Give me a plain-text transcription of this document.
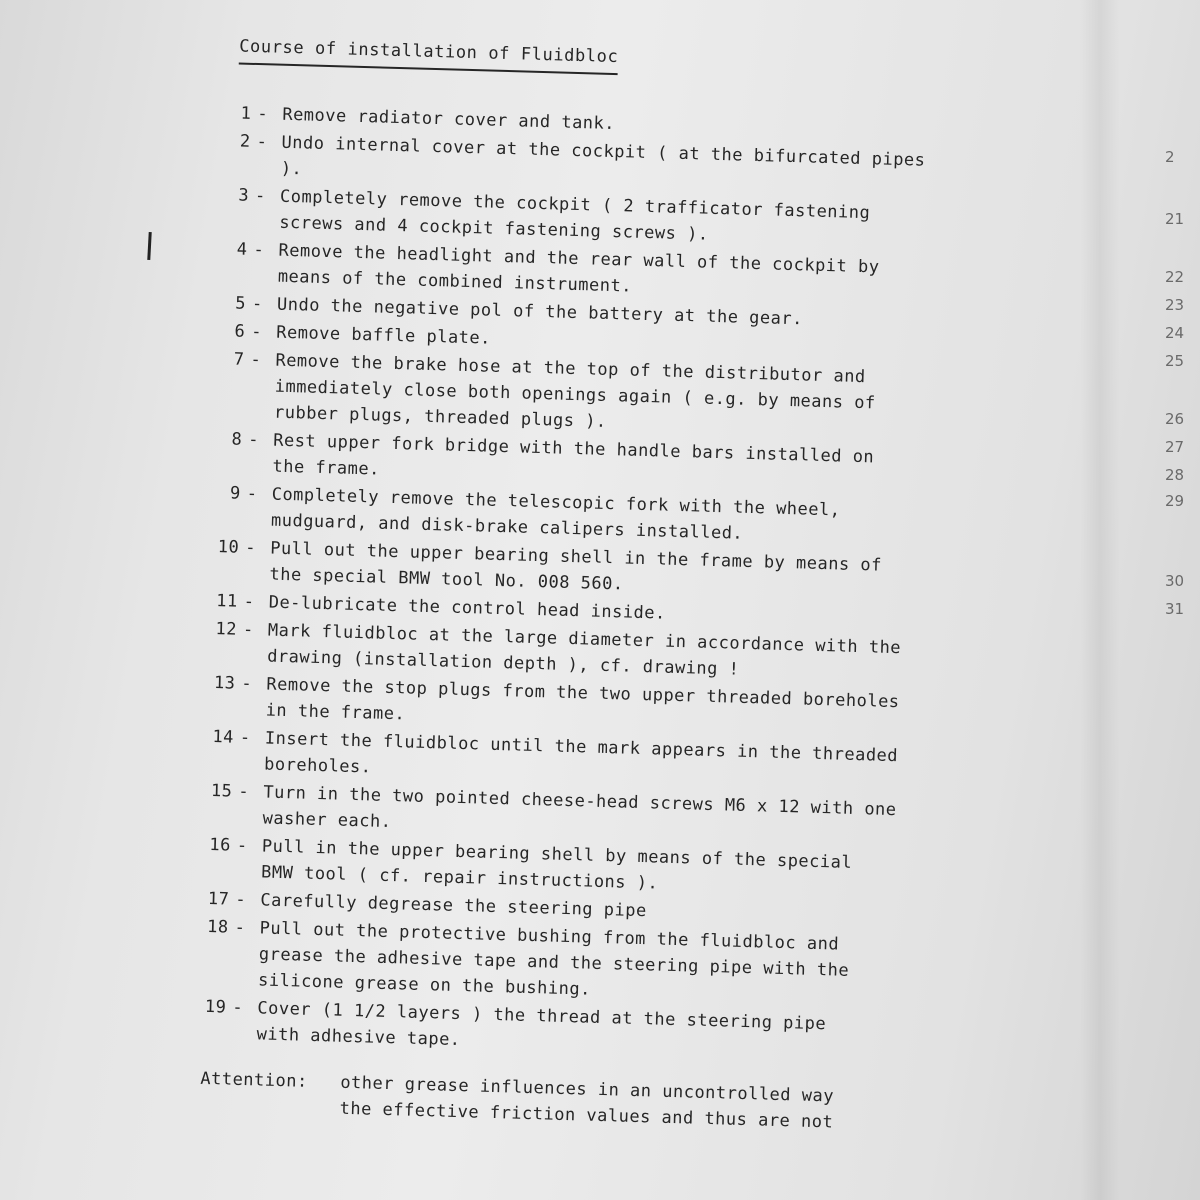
Course of installation of Fluidbloc
1 - Remove radiator cover and tank.
2 - Undo internal cover at the cockpit ( at the bifurcated pipes ).
3 - Completely remove the cockpit ( 2 trafficator fastening
screws and 4 cockpit fastening screws ).
4 - Remove the headlight and the rear wall of the cockpit by
means of the combined instrument.
5 - Undo the negative pol of the battery at the gear.
6 - Remove baffle plate.
7 - Remove the brake hose at the top of the distributor and
immediately close both openings again ( e.g. by means of
rubber plugs, threaded plugs ).
8 - Rest upper fork bridge with the handle bars installed on
the frame.
9 - Completely remove the telescopic fork with the wheel,
mudguard, and disk-brake calipers installed.
10 - Pull out the upper bearing shell in the frame by means of
the special BMW tool No. 008 560.
11 - De-lubricate the control head inside.
12 - Mark fluidbloc at the large diameter in accordance with the
drawing (installation depth ), cf. drawing !
13 - Remove the stop plugs from the two upper threaded boreholes
in the frame.
14 - Insert the fluidbloc until the mark appears in the threaded
boreholes.
15 - Turn in the two pointed cheese-head screws M6 x 12 with one
washer each.
16 - Pull in the upper bearing shell by means of the special
BMW tool ( cf. repair instructions ).
17 - Carefully degrease the steering pipe
18 - Pull out the protective bushing from the fluidbloc and
grease the adhesive tape and the steering pipe with the
silicone grease on the bushing.
19 - Cover (1 1/2 layers ) the thread at the steering pipe
with adhesive tape.
Attention: other grease influences in an uncontrolled way
the effective friction values and thus are not
2
21
22
23
24
25
26
27
28
29
30
31
